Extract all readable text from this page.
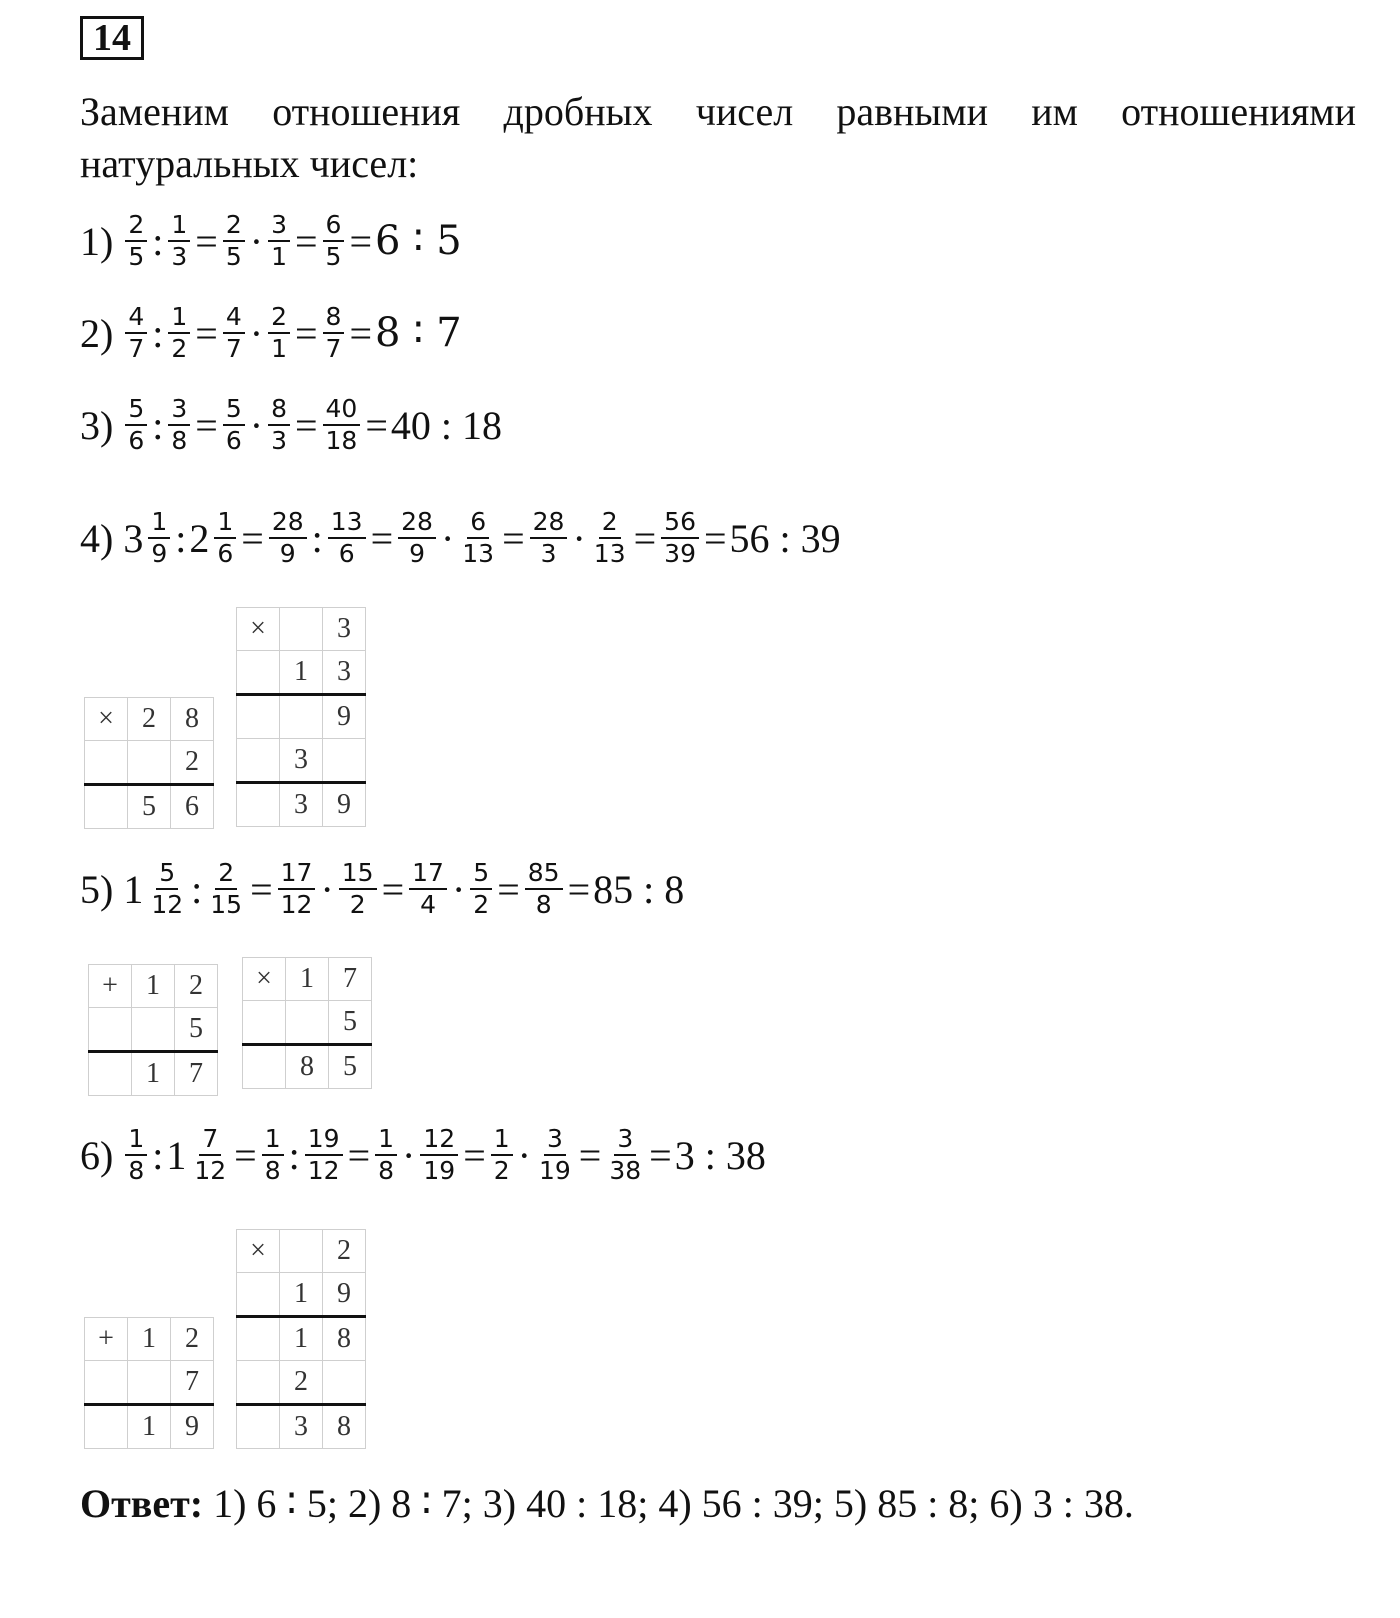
14
Заменим отношения дробных чисел равными им отношениями
натуральных чисел:
1)
$\frac{2}{5}$ : $\frac{1}{3} = \frac{2}{5} \cdot \frac{3}{1} = \frac{6}{5} = 6$ ∶ 5
2)
$\frac{4}{7}$ : $\frac{1}{2} = \frac{4}{7} \cdot \frac{2}{1} = \frac{8}{7} = 8$ ∶ 7
3)
$\frac{5}{6}$ : $\frac{3}{8} = \frac{5}{6} \cdot \frac{8}{3} = \frac{40}{18} = 40$ : 18
4)
$3 \frac{1}{9}$ : $2 \frac{1}{6} = \frac{28}{9}$ : $\frac{13}{6} = \frac{28}{9} \cdot \frac{6}{13} = \frac{28}{3} \cdot \frac{2}{13} = \frac{56}{39} = 56$ : 39
×	2	8
		2
	5	6
×		3
	1	3
		9
	3	
	3	9
5)
$1 \frac{5}{12}$ : $\frac{2}{15} = \frac{17}{12} \cdot \frac{15}{2} = \frac{17}{4} \cdot \frac{5}{2} = \frac{85}{8} = 85$ : 8
+	1	2
		5
	1	7
×	1	7
		5
	8	5
6)
$\frac{1}{8}$ : $1 \frac{7}{12} = \frac{1}{8}$ : $\frac{19}{12} = \frac{1}{8} \cdot \frac{12}{19} = \frac{1}{2} \cdot \frac{3}{19} = \frac{3}{38} = 3$ : 38
+	1	2
		7
	1	9
×		2
	1	9
	1	8
	2	
	3	8
Ответ: 1) 6 ∶ 5; 2) 8 ∶ 7; 3) 40 : 18; 4) 56 : 39; 5) 85 : 8; 6) 3 : 38.
